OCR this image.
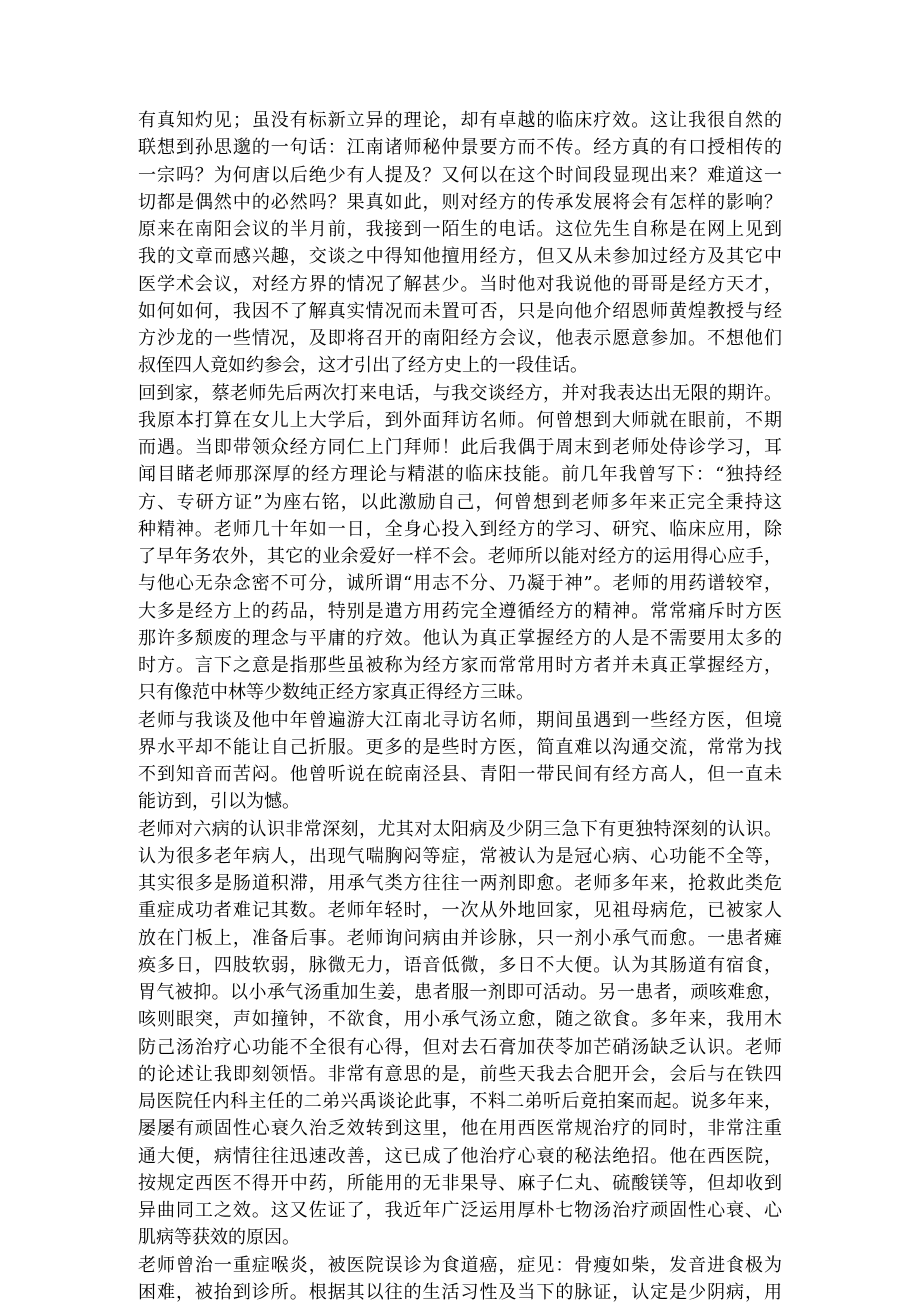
有真知灼见；虽没有标新立异的理论，却有卓越的临床疗效。这让我很自然的
联想到孙思邈的一句话：江南诸师秘仲景要方而不传。经方真的有口授相传的
一宗吗？为何唐以后绝少有人提及？又何以在这个时间段显现出来？难道这一
切都是偶然中的必然吗？果真如此，则对经方的传承发展将会有怎样的影响？
原来在南阳会议的半月前，我接到一陌生的电话。这位先生自称是在网上见到
我的文章而感兴趣，交谈之中得知他擅用经方，但又从未参加过经方及其它中
医学术会议，对经方界的情况了解甚少。当时他对我说他的哥哥是经方天才，
如何如何，我因不了解真实情况而未置可否，只是向他介绍恩师黄煌教授与经
方沙龙的一些情况，及即将召开的南阳经方会议，他表示愿意参加。不想他们
叔侄四人竟如约参会，这才引出了经方史上的一段佳话。
回到家，蔡老师先后两次打来电话，与我交谈经方，并对我表达出无限的期许。
我原本打算在女儿上大学后，到外面拜访名师。何曾想到大师就在眼前，不期
而遇。当即带领众经方同仁上门拜师！此后我偶于周末到老师处侍诊学习，耳
闻目睹老师那深厚的经方理论与精湛的临床技能。前几年我曾写下：“独持经
方、专研方证”为座右铭，以此激励自己，何曾想到老师多年来正完全秉持这
种精神。老师几十年如一日，全身心投入到经方的学习、研究、临床应用，除
了早年务农外，其它的业余爱好一样不会。老师所以能对经方的运用得心应手，
与他心无杂念密不可分，诚所谓“用志不分、乃凝于神”。老师的用药谱较窄，
大多是经方上的药品，特别是遣方用药完全遵循经方的精神。常常痛斥时方医
那许多颓废的理念与平庸的疗效。他认为真正掌握经方的人是不需要用太多的
时方。言下之意是指那些虽被称为经方家而常常用时方者并未真正掌握经方，
只有像范中林等少数纯正经方家真正得经方三昧。
老师与我谈及他中年曾遍游大江南北寻访名师，期间虽遇到一些经方医，但境
界水平却不能让自己折服。更多的是些时方医，简直难以沟通交流，常常为找
不到知音而苦闷。他曾听说在皖南泾县、青阳一带民间有经方高人，但一直未
能访到，引以为憾。
老师对六病的认识非常深刻，尤其对太阳病及少阴三急下有更独特深刻的认识。
认为很多老年病人，出现气喘胸闷等症，常被认为是冠心病、心功能不全等，
其实很多是肠道积滞，用承气类方往往一两剂即愈。老师多年来，抢救此类危
重症成功者难记其数。老师年轻时，一次从外地回家，见祖母病危，已被家人
放在门板上，准备后事。老师询问病由并诊脉，只一剂小承气而愈。一患者瘫
痪多日，四肢软弱，脉微无力，语音低微，多日不大便。认为其肠道有宿食，
胃气被抑。以小承气汤重加生姜，患者服一剂即可活动。另一患者，顽咳难愈，
咳则眼突，声如撞钟，不欲食，用小承气汤立愈，随之欲食。多年来，我用木
防己汤治疗心功能不全很有心得，但对去石膏加茯苓加芒硝汤缺乏认识。老师
的论述让我即刻领悟。非常有意思的是，前些天我去合肥开会，会后与在铁四
局医院任内科主任的二弟兴禹谈论此事，不料二弟听后竟拍案而起。说多年来，
屡屡有顽固性心衰久治乏效转到这里，他在用西医常规治疗的同时，非常注重
通大便，病情往往迅速改善，这已成了他治疗心衰的秘法绝招。他在西医院，
按规定西医不得开中药，所能用的无非果导、麻子仁丸、硫酸镁等，但却收到
异曲同工之效。这又佐证了，我近年广泛运用厚朴七物汤治疗顽固性心衰、心
肌病等获效的原因。
老师曾治一重症喉炎，被医院误诊为食道癌，症见：骨瘦如柴，发音进食极为
困难，被抬到诊所。根据其以往的生活习性及当下的脉证，认定是少阴病，用
